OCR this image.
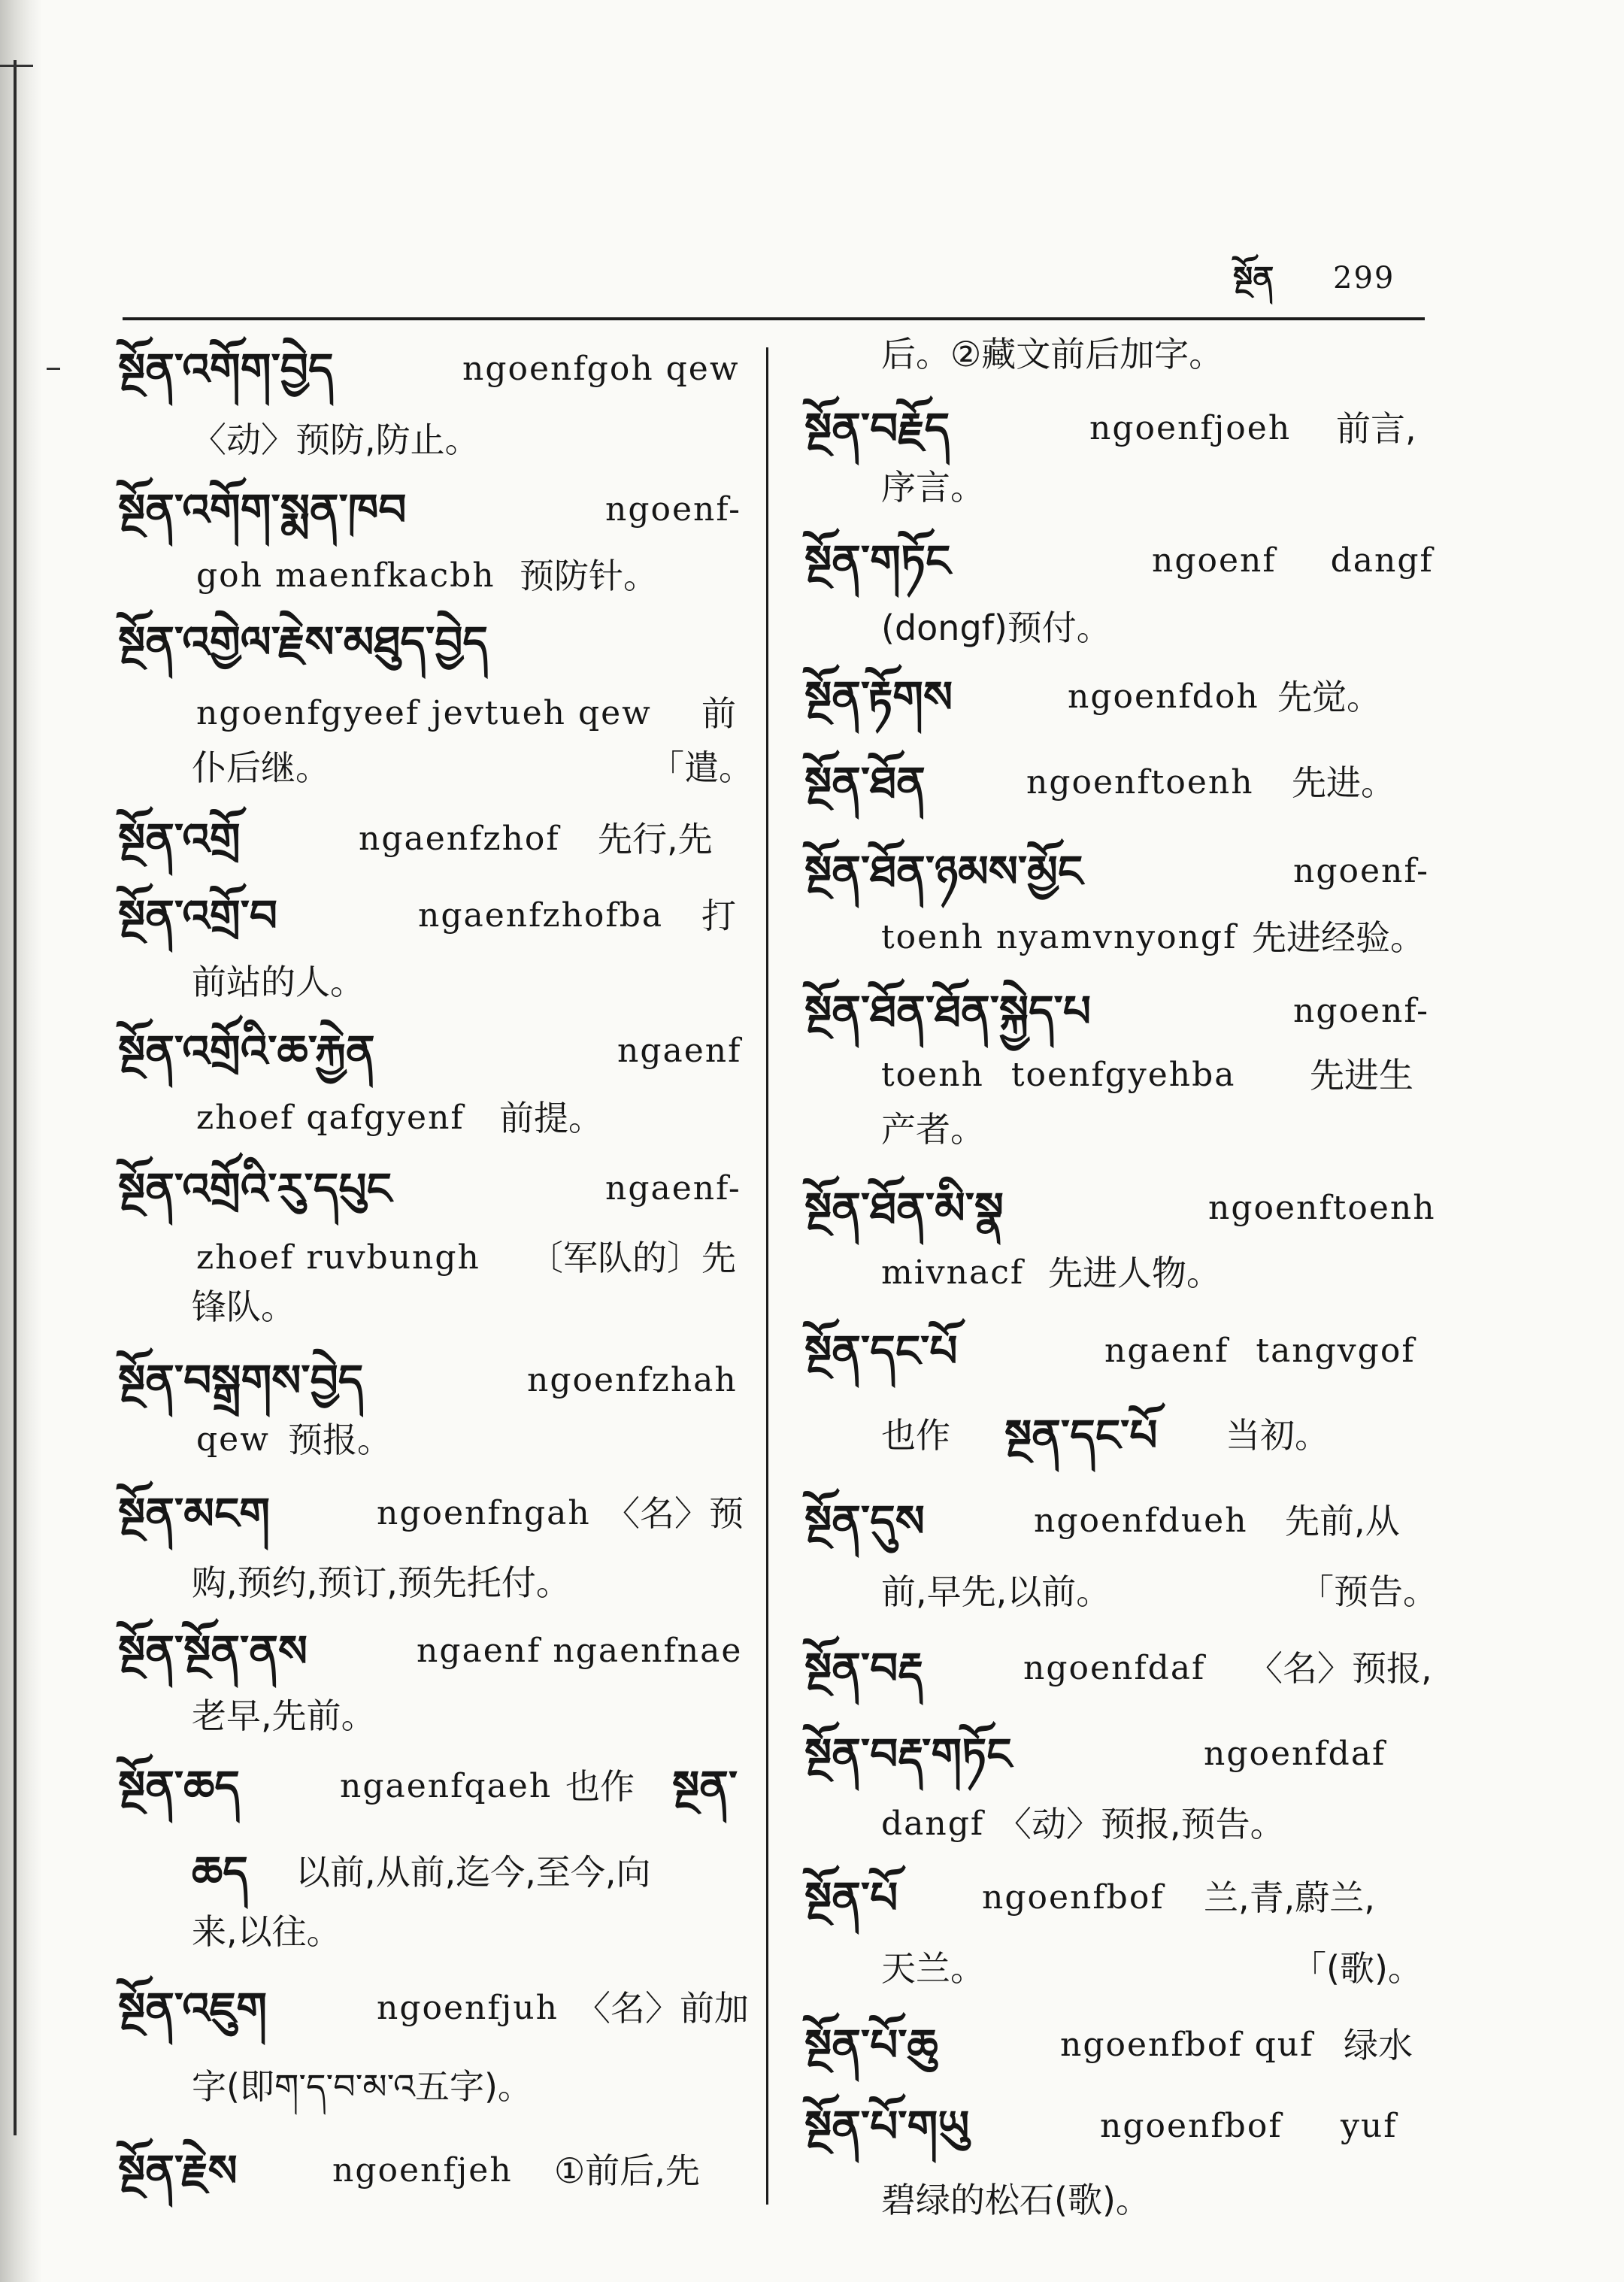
སྔོན 299
སྔོན་འགོག་བྱེད	ngoenfgoh qew
〈动〉预防,防止。
སྔོན་འགོག་སྨན་ཁབ	ngoenf-
goh maenfkacbh 预防针。
སྔོན་འགྱེལ་རྗེས་མཐུད་བྱེད
ngoenfgyeef jevtueh qew 前
仆后继。	「遣。
སྔོན་འགྲོ	ngaenfzhof 先行,先
སྔོན་འགྲོ་བ	ngaenfzhofba 打
前站的人。
སྔོན་འགྲོའི་ཆ་རྐྱེན	ngaenf
zhoef qafgyenf 前提。
སྔོན་འགྲོའི་རུ་དཔུང	ngaenf-
zhoef ruvbungh 〔军队的〕先
锋队。
སྔོན་བསྒྲགས་བྱེད	ngoenfzhah
qew 预报。
སྔོན་མངག	ngoenfngah 〈名〉预
购,预约,预订,预先托付。
སྔོན་སྔོན་ནས	ngaenf ngaenfnae
老早,先前。
སྔོན་ཆད	ngaenfqaeh 也作 སྔན་
ཆད 以前,从前,迄今,至今,向
来,以往。
སྔོན་འཇུག	ngoenfjuh 〈名〉前加
字(即ག་ད་བ་མ་འ五字)。
སྔོན་རྗེས	ngoenfjeh ①前后,先
后。②藏文前后加字。
སྔོན་བརྗོད	ngoenfjoeh 前言,
序言。
སྔོན་གཏོང	ngoenf dangf
(dongf)预付。
སྔོན་རྟོགས	ngoenfdoh 先觉。
སྔོན་ཐོན	ngoenftoenh 先进。
སྔོན་ཐོན་ཉམས་མྱོང	ngoenf-
toenh nyamvnyongf 先进经验。
སྔོན་ཐོན་ཐོན་སྐྱེད་པ	ngoenf-
toenh toenfgyehba 先进生
产者。
སྔོན་ཐོན་མི་སྣ	ngoenftoenh
mivnacf 先进人物。
སྔོན་དང་པོ	ngaenf tangvgof
也作 སྔན་དང་པོ 当初。
སྔོན་དུས	ngoenfdueh 先前,从
前,早先,以前。	「预告。
སྔོན་བརྡ	ngoenfdaf 〈名〉预报,
སྔོན་བརྡ་གཏོང	ngoenfdaf
dangf 〈动〉预报,预告。
སྔོན་པོ	ngoenfbof 兰,青,蔚兰,
天兰。	「(歌)。
སྔོན་པོ་ཆུ	ngoenfbof quf 绿水
སྔོན་པོ་གཡུ	ngoenfbof yuf
碧绿的松石(歌)。
